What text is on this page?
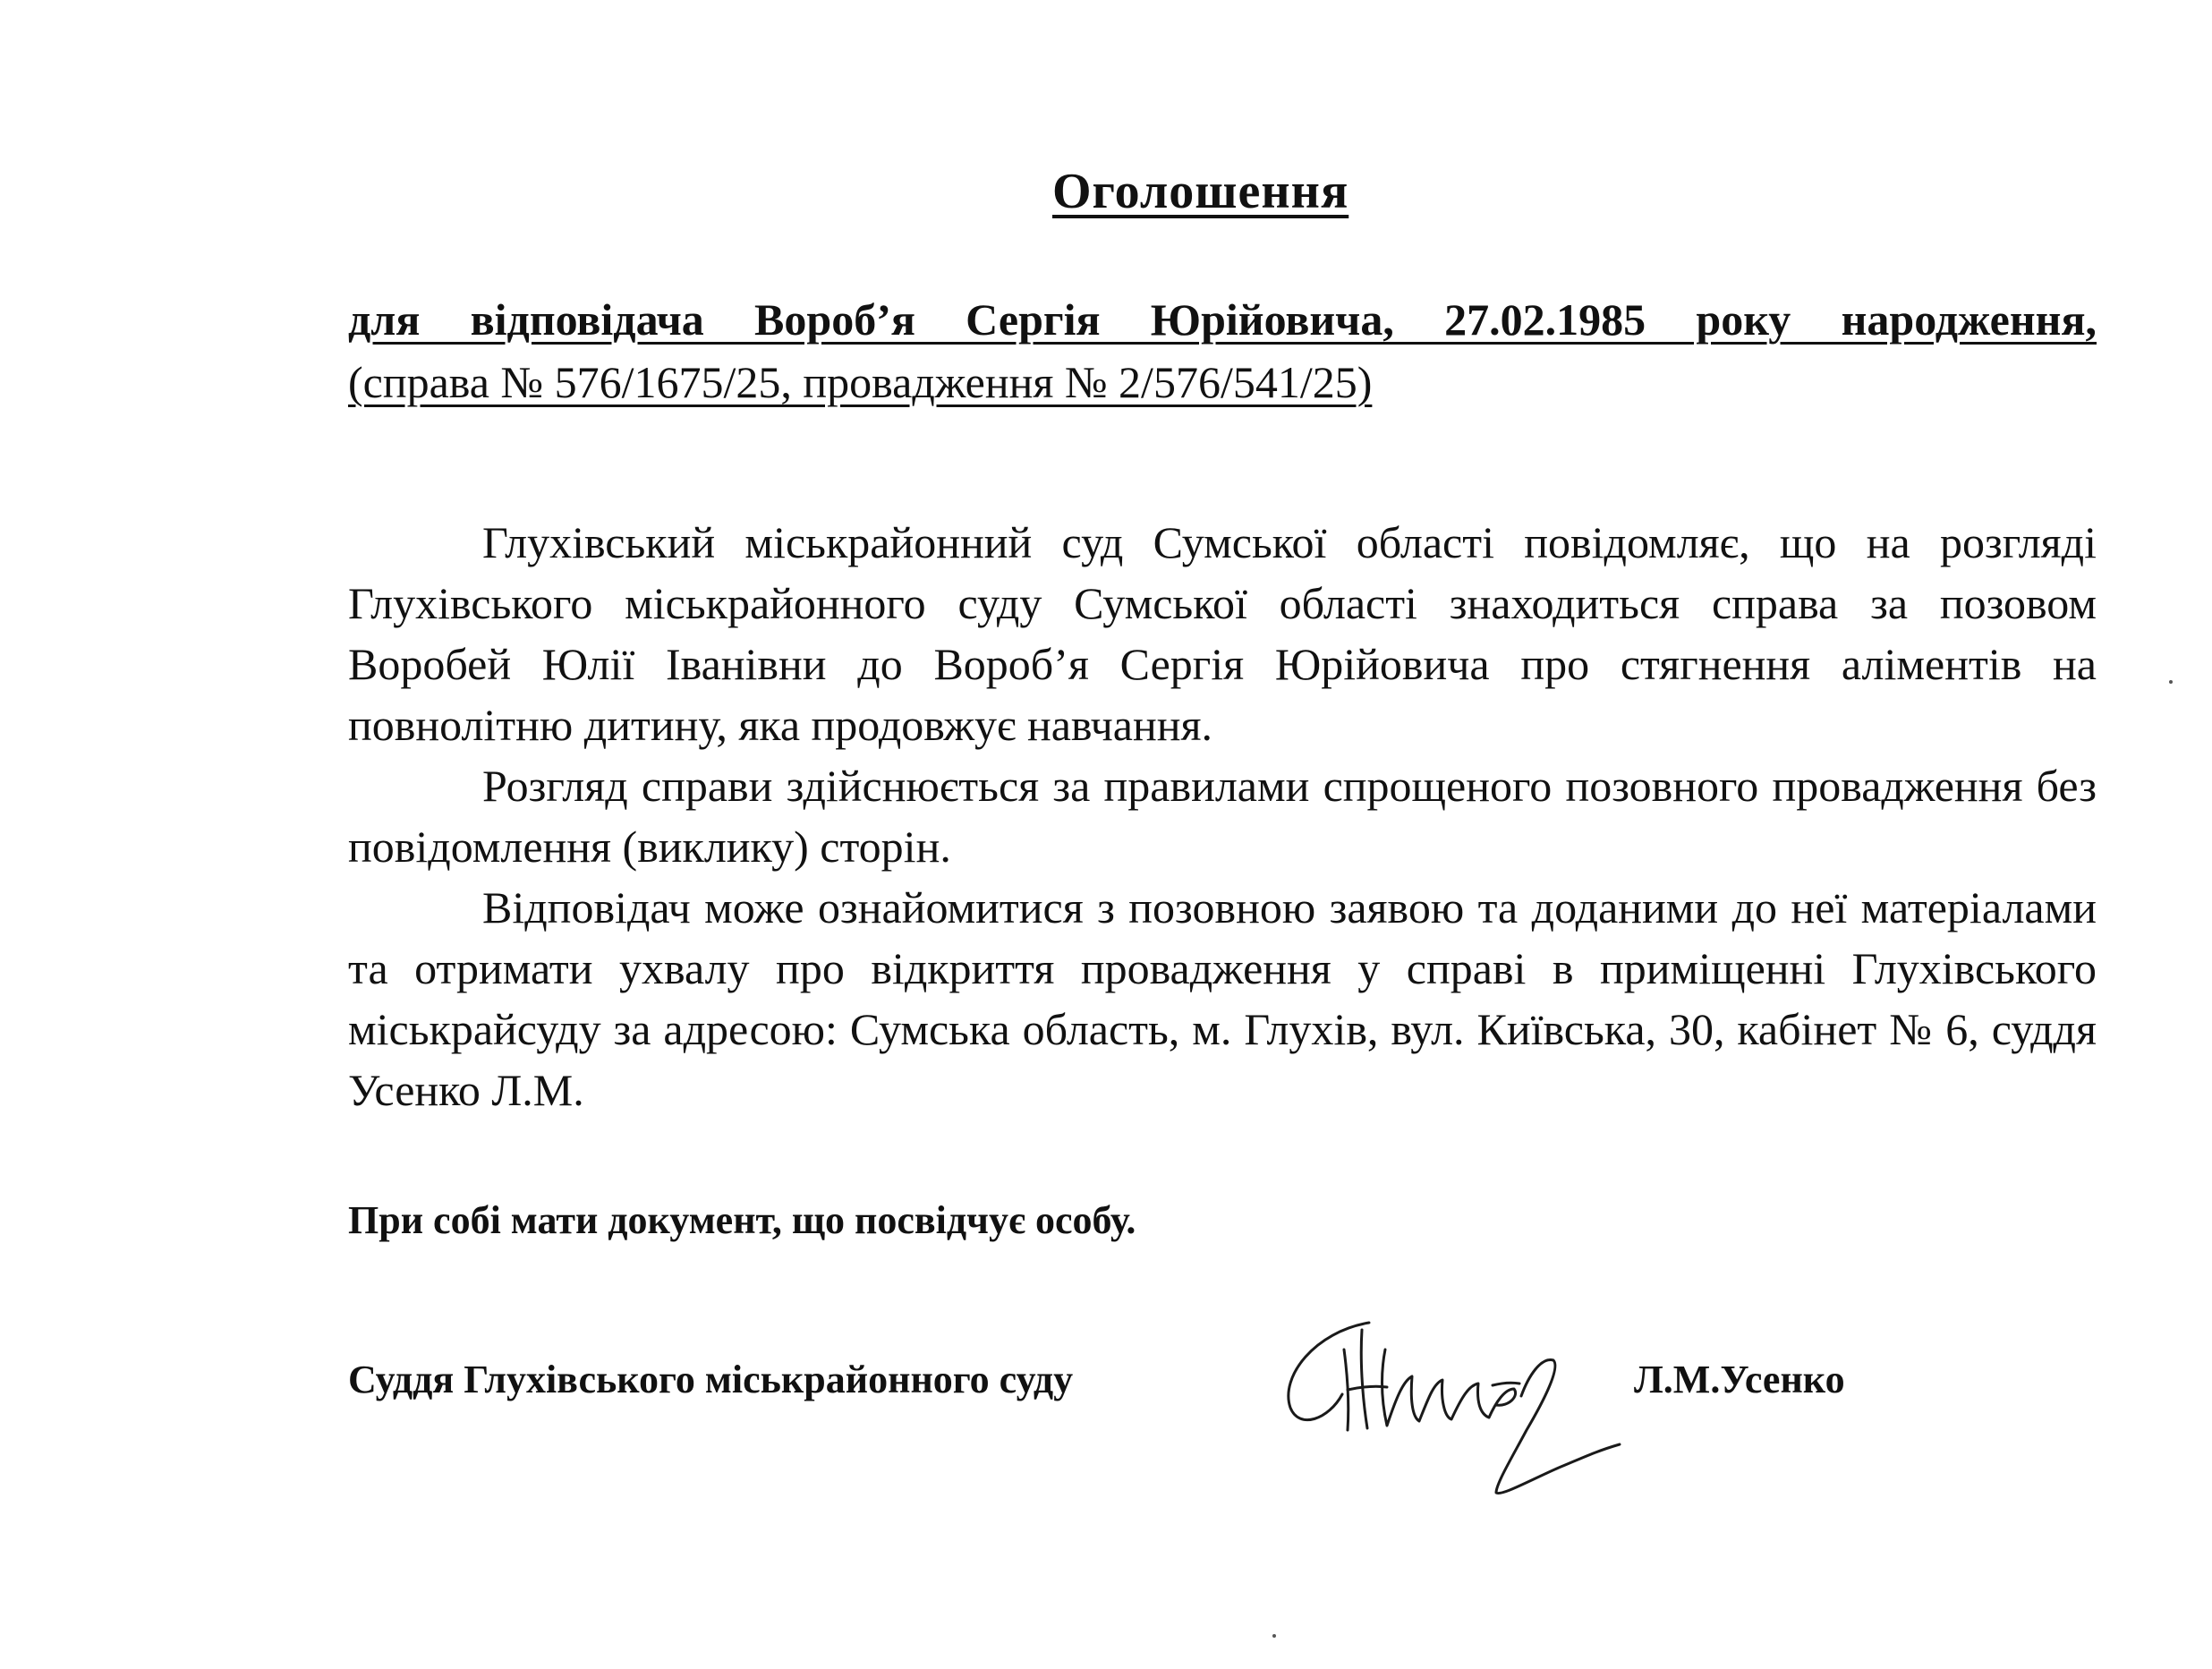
Оголошення
для відповідача Вороб’я Сергія Юрійовича, 27.02.1985 року народження,
(справа № 576/1675/25, провадження № 2/576/541/25)

Глухівський міськрайонний суд Сумської області повідомляє, що на розгляді Глухівського міськрайонного суду Сумської області знаходиться справа за позовом Воробей Юлії Іванівни до Вороб’я Сергія Юрійовича про стягнення аліментів на повнолітню дитину, яка продовжує навчання.

Розгляд справи здійснюється за правилами спрощеного позовного провадження без повідомлення (виклику) сторін.

Відповідач може ознайомитися з позовною заявою та доданими до неї матеріалами та отримати ухвалу про відкриття провадження у справі в приміщенні Глухівського міськрайсуду за адресою: Сумська область, м. Глухів, вул. Київська, 30, кабінет № 6, суддя Усенко Л.М.

При собі мати документ, що посвідчує особу.
Суддя Глухівського міськрайонного суду	Л.М.Усенко
